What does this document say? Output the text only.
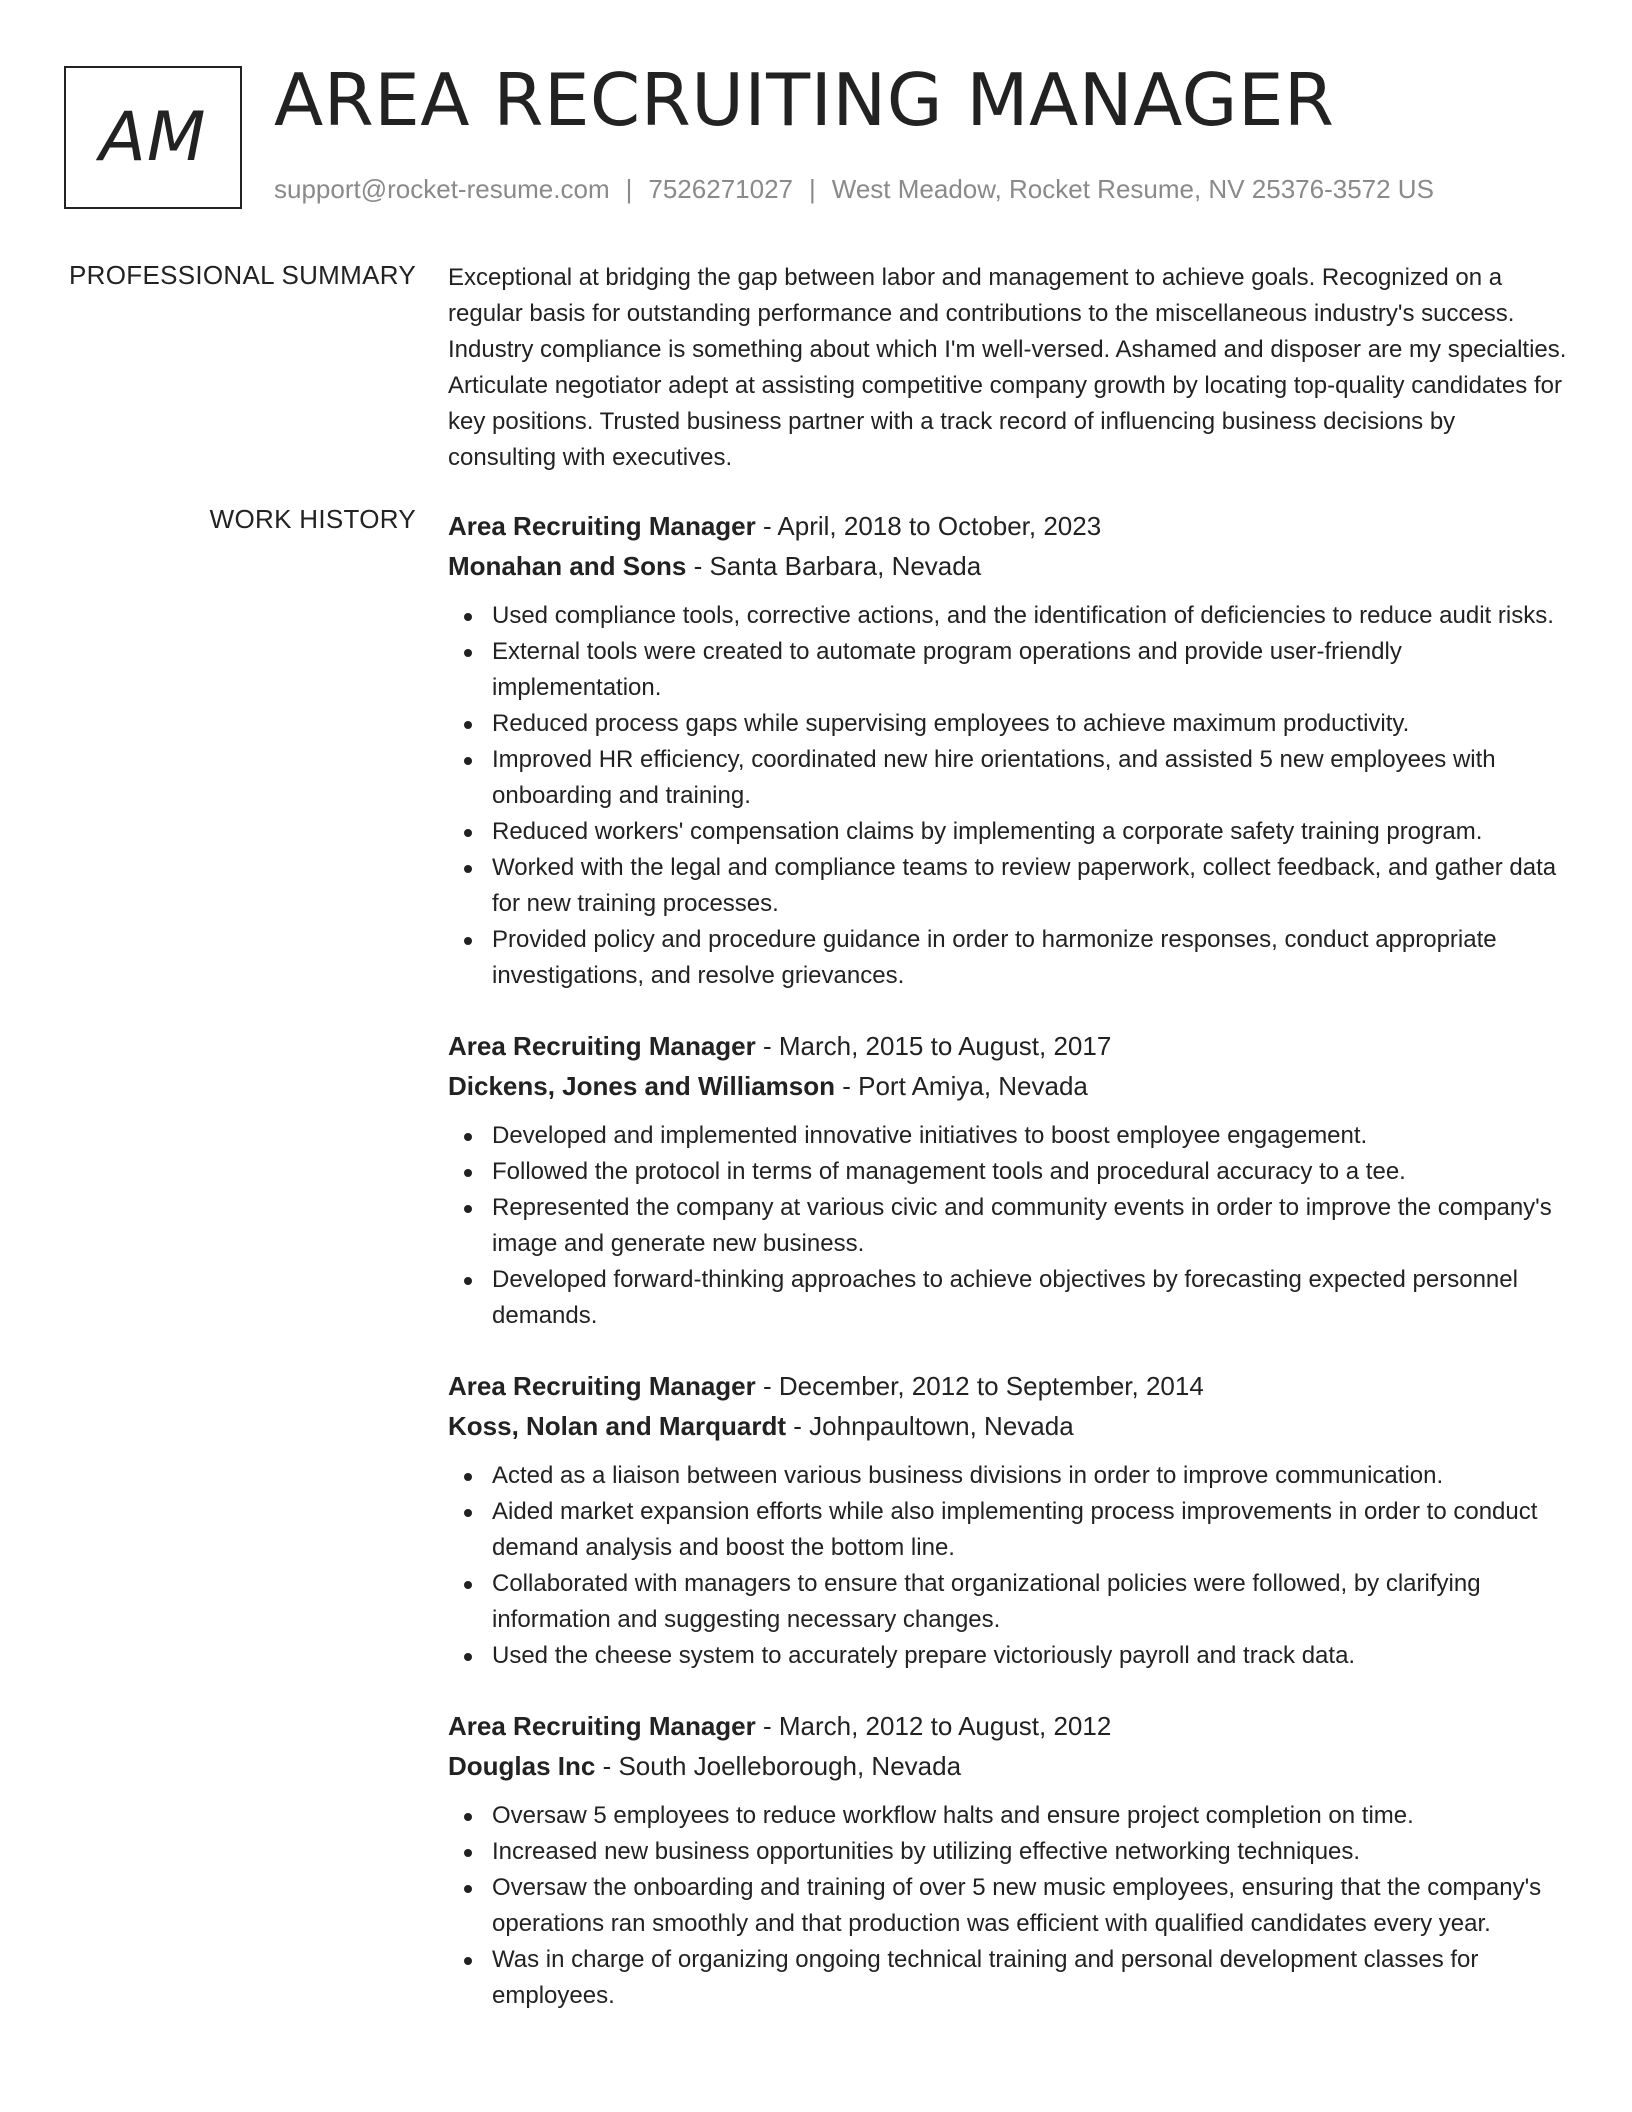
AM AREA RECRUITING MANAGER
support@rocket-resume.com | 7526271027 | West Meadow, Rocket Resume, NV 25376-3572 US
PROFESSIONAL SUMMARY Exceptional at bridging the gap between labor and management to achieve goals. Recognized on a regular basis for outstanding performance and contributions to the miscellaneous industry's success. Industry compliance is something about which I'm well-versed. Ashamed and disposer are my specialties. Articulate negotiator adept at assisting competitive company growth by locating top-quality candidates for key positions. Trusted business partner with a track record of influencing business decisions by consulting with executives.

WORK HISTORY Area Recruiting Manager - April, 2018 to October, 2023
Monahan and Sons - Santa Barbara, Nevada
Used compliance tools, corrective actions, and the identification of deficiencies to reduce audit risks.
External tools were created to automate program operations and provide user-friendly implementation.
Reduced process gaps while supervising employees to achieve maximum productivity.
Improved HR efficiency, coordinated new hire orientations, and assisted 5 new employees with onboarding and training.
Reduced workers' compensation claims by implementing a corporate safety training program.
Worked with the legal and compliance teams to review paperwork, collect feedback, and gather data for new training processes.
Provided policy and procedure guidance in order to harmonize responses, conduct appropriate investigations, and resolve grievances.
Area Recruiting Manager - March, 2015 to August, 2017
Dickens, Jones and Williamson - Port Amiya, Nevada
Developed and implemented innovative initiatives to boost employee engagement.
Followed the protocol in terms of management tools and procedural accuracy to a tee.
Represented the company at various civic and community events in order to improve the company's image and generate new business.
Developed forward-thinking approaches to achieve objectives by forecasting expected personnel demands.
Area Recruiting Manager - December, 2012 to September, 2014
Koss, Nolan and Marquardt - Johnpaultown, Nevada
Acted as a liaison between various business divisions in order to improve communication.
Aided market expansion efforts while also implementing process improvements in order to conduct demand analysis and boost the bottom line.
Collaborated with managers to ensure that organizational policies were followed, by clarifying information and suggesting necessary changes.
Used the cheese system to accurately prepare victoriously payroll and track data.
Area Recruiting Manager - March, 2012 to August, 2012
Douglas Inc - South Joelleborough, Nevada
Oversaw 5 employees to reduce workflow halts and ensure project completion on time.
Increased new business opportunities by utilizing effective networking techniques.
Oversaw the onboarding and training of over 5 new music employees, ensuring that the company's operations ran smoothly and that production was efficient with qualified candidates every year.
Was in charge of organizing ongoing technical training and personal development classes for employees.
